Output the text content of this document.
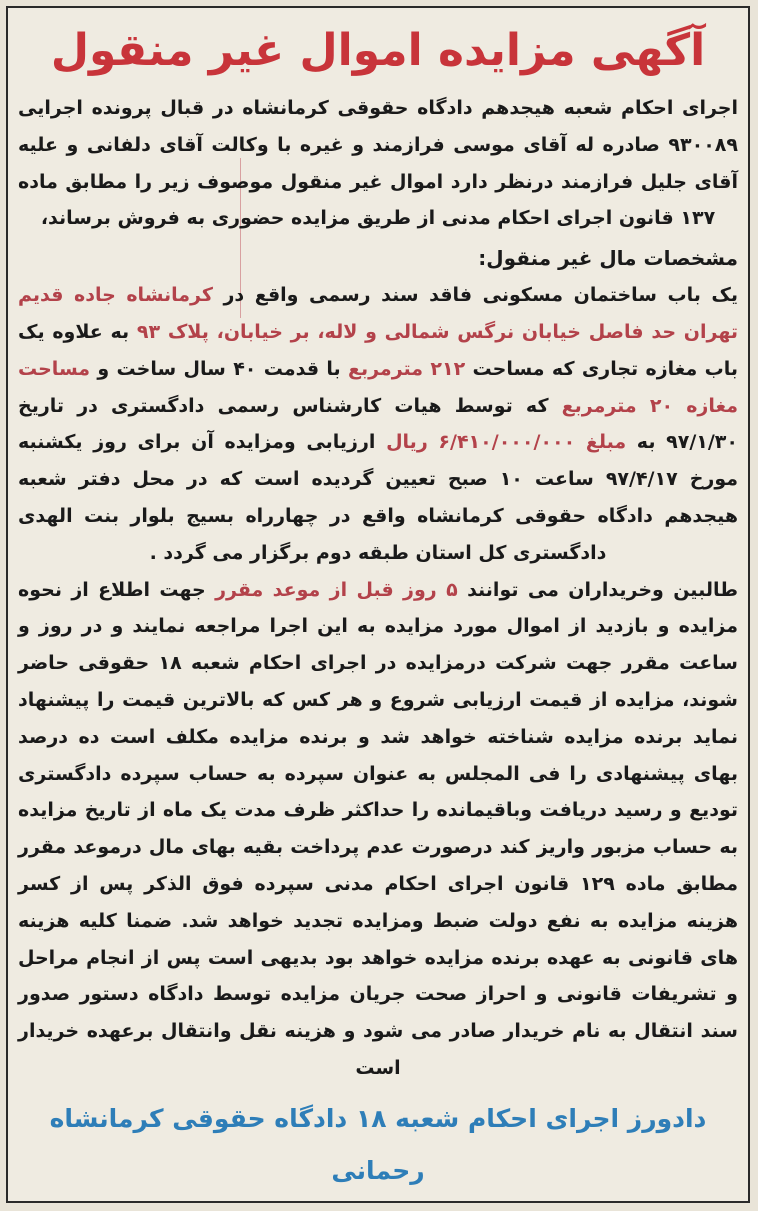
آگهی مزایده اموال غیر منقول

اجرای احکام شعبه هیجدهم دادگاه حقوقی کرمانشاه در قبال پرونده اجرایی ۹۳۰۰۸۹ صادره له آقای موسی فرازمند و غیره با وکالت آقای دلفانی و علیه آقای جلیل فرازمند درنظر دارد اموال غیر منقول موصوف زیر را مطابق ماده ۱۳۷ قانون اجرای احکام مدنی از طریق مزایده حضوری به فروش برساند،

مشخصات مال غیر منقول:

یک باب ساختمان مسکونی فاقد سند رسمی واقع در کرمانشاه جاده قدیم تهران حد فاصل خیابان نرگس شمالی و لاله، بر خیابان، پلاک ۹۳ به علاوه یک باب مغازه تجاری که مساحت ۲۱۲ مترمربع با قدمت ۴۰ سال ساخت و مساحت مغازه ۲۰ مترمربع که توسط هیات کارشناس رسمی دادگستری در تاریخ ۹۷/۱/۳۰ به مبلغ ۶/۴۱۰/۰۰۰/۰۰۰ ریال ارزیابی ومزایده آن برای روز یکشنبه مورخ ۹۷/۴/۱۷ ساعت ۱۰ صبح تعیین گردیده است که در محل دفتر شعبه هیجدهم دادگاه حقوقی کرمانشاه واقع در چهارراه بسیج بلوار بنت الهدی دادگستری کل استان طبقه دوم برگزار می گردد .

طالبین وخریداران می توانند ۵ روز قبل از موعد مقرر جهت اطلاع از نحوه مزایده و بازدید از اموال مورد مزایده به این اجرا مراجعه نمایند و در روز و ساعت مقرر جهت شرکت درمزایده در اجرای احکام شعبه ۱۸ حقوقی حاضر شوند، مزایده از قیمت ارزیابی شروع و هر کس که بالاترین قیمت را پیشنهاد نماید برنده مزایده شناخته خواهد شد و برنده مزایده مکلف است ده درصد بهای پیشنهادی را فی المجلس به عنوان سپرده به حساب سپرده دادگستری تودیع و رسید دریافت وباقیمانده را حداکثر ظرف مدت یک ماه از تاریخ مزایده به حساب مزبور واریز کند درصورت عدم پرداخت بقیه بهای مال درموعد مقرر مطابق ماده ۱۲۹ قانون اجرای احکام مدنی سپرده فوق الذکر پس از کسر هزینه مزایده به نفع دولت ضبط ومزایده تجدید خواهد شد. ضمنا کلیه هزینه های قانونی به عهده برنده مزایده خواهد بود بدیهی است پس از انجام مراحل و تشریفات قانونی و احراز صحت جریان مزایده توسط دادگاه دستور صدور سند انتقال به نام خریدار صادر می شود و هزینه نقل وانتقال برعهده خریدار است

دادورز اجرای احکام شعبه ۱۸ دادگاه حقوقی کرمانشاه
رحمانی
